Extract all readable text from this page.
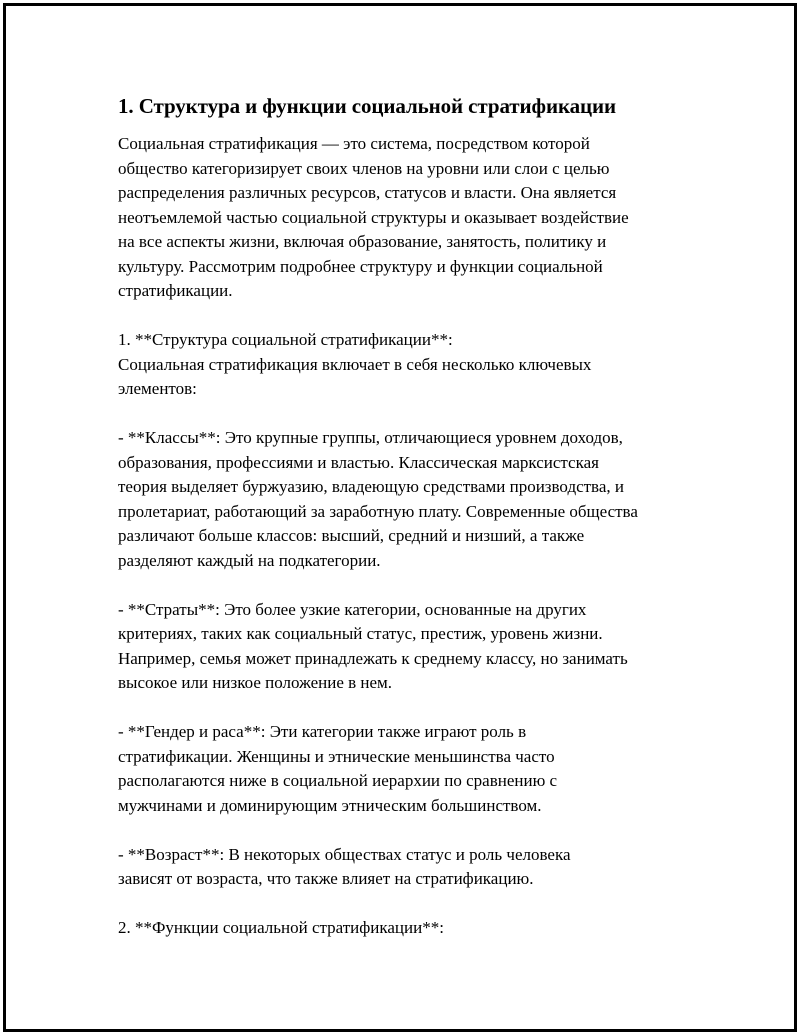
1. Структура и функции социальной стратификации

Социальная стратификация — это система, посредством которой
общество категоризирует своих членов на уровни или слои с целью
распределения различных ресурсов, статусов и власти. Она является
неотъемлемой частью социальной структуры и оказывает воздействие
на все аспекты жизни, включая образование, занятость, политику и
культуру. Рассмотрим подробнее структуру и функции социальной
стратификации.

1. **Структура социальной стратификации**:
Социальная стратификация включает в себя несколько ключевых
элементов:

- **Классы**: Это крупные группы, отличающиеся уровнем доходов,
образования, профессиями и властью. Классическая марксистская
теория выделяет буржуазию, владеющую средствами производства, и
пролетариат, работающий за заработную плату. Современные общества
различают больше классов: высший, средний и низший, а также
разделяют каждый на подкатегории.

- **Страты**: Это более узкие категории, основанные на других
критериях, таких как социальный статус, престиж, уровень жизни.
Например, семья может принадлежать к среднему классу, но занимать
высокое или низкое положение в нем.

- **Гендер и раса**: Эти категории также играют роль в
стратификации. Женщины и этнические меньшинства часто
располагаются ниже в социальной иерархии по сравнению с
мужчинами и доминирующим этническим большинством.

- **Возраст**: В некоторых обществах статус и роль человека
зависят от возраста, что также влияет на стратификацию.

2. **Функции социальной стратификации**:
